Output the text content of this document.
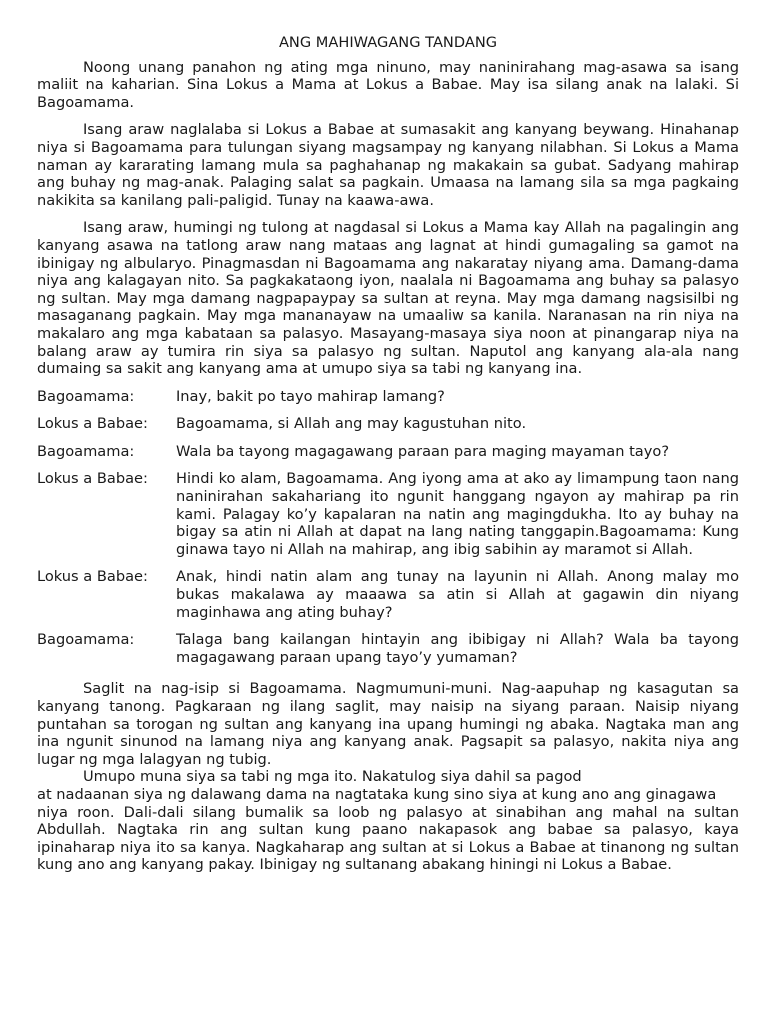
ANG MAHIWAGANG TANDANG

Noong unang panahon ng ating mga ninuno, may naninirahang mag-asawa sa isang maliit na kaharian. Sina Lokus a Mama at Lokus a Babae. May isa silang anak na lalaki. Si Bagoamama.

Isang araw naglalaba si Lokus a Babae at sumasakit ang kanyang beywang. Hinahanap niya si Bagoamama para tulungan siyang magsampay ng kanyang nilabhan. Si Lokus a Mama naman ay kararating lamang mula sa paghahanap ng makakain sa gubat. Sadyang mahirap ang buhay ng mag-anak. Palaging salat sa pagkain. Umaasa na lamang sila sa mga pagkaing nakikita sa kanilang pali-paligid. Tunay na kaawa-awa.

Isang araw, humingi ng tulong at nagdasal si Lokus a Mama kay Allah na pagalingin ang kanyang asawa na tatlong araw nang mataas ang lagnat at hindi gumagaling sa gamot na ibinigay ng albularyo. Pinagmasdan ni Bagoamama ang nakaratay niyang ama. Damang-dama niya ang kalagayan nito. Sa pagkakatаong iyon, naalala ni Bagoamama ang buhay sa palasyo ng sultan. May mga damang nagpapaypay sa sultan at reyna. May mga damang nagsisilbi ng masaganang pagkain. May mga mananayaw na umaaliw sa kanila. Naranasan na rin niya na makalaro ang mga kabataan sa palasyo. Masayang-masaya siya noon at pinangarap niya na balang araw ay tumira rin siya sa palasyo ng sultan. Naputol ang kanyang ala-ala nang dumaing sa sakit ang kanyang ama at umupo siya sa tabi ng kanyang ina.

Bagoamama:	Inay, bakit po tayo mahirap lamang?
Lokus a Babae:	Bagoamama, si Allah ang may kagustuhan nito.
Bagoamama:	Wala ba tayong magagawang paraan para maging mayaman tayo?
Lokus a Babae:	Hindi ko alam, Bagoamama. Ang iyong ama at ako ay limampung taon nang naninirahan sakahariang ito ngunit hanggang ngayon ay mahirap pa rin kami. Palagay ko’y kapalaran na natin ang magingdukha. Ito ay buhay na bigay sa atin ni Allah at dapat na lang nating tanggapin.Bagoamama: Kung ginawa tayo ni Allah na mahirap, ang ibig sabihin ay maramot si Allah.
Lokus a Babae:	Anak, hindi natin alam ang tunay na layunin ni Allah. Anong malay mo bukas makalawa ay maaawa sa atin si Allah at gagawin din niyang maginhawa ang ating buhay?
Bagoamama:	Talaga bang kailangan hintayin ang ibibigay ni Allah? Wala ba tayong magagawang paraan upang tayo’y yumaman?

Saglit na nag-isip si Bagoamama. Nagmumuni-muni. Nag-aapuhap ng kasagutan sa kanyang tanong. Pagkaraan ng ilang saglit, may naisip na siyang paraan. Naisip niyang puntahan sa torogan ng sultan ang kanyang ina upang humingi ng abaka. Nagtaka man ang ina ngunit sinunod na lamang niya ang kanyang anak. Pagsapit sa palasyo, nakita niya ang lugar ng mga lalagyan ng tubig.

Umupo muna siya sa tabi ng mga ito. Nakatulog siya dahil sa pagod

at nadaanan siya ng dalawang dama na nagtataka kung sino siya at kung ano ang ginagawa

niya roon. Dali-dali silang bumalik sa loob ng palasyo at sinabihan ang mahal na sultan Abdullah. Nagtaka rin ang sultan kung paano nakapasok ang babae sa palasyo, kaya ipinaharap niya ito sa kanya. Nagkaharap ang sultan at si Lokus a Babae at tinanong ng sultan kung ano ang kanyang pakay. Ibinigay ng sultanang abakang hiningi ni Lokus a Babae.
